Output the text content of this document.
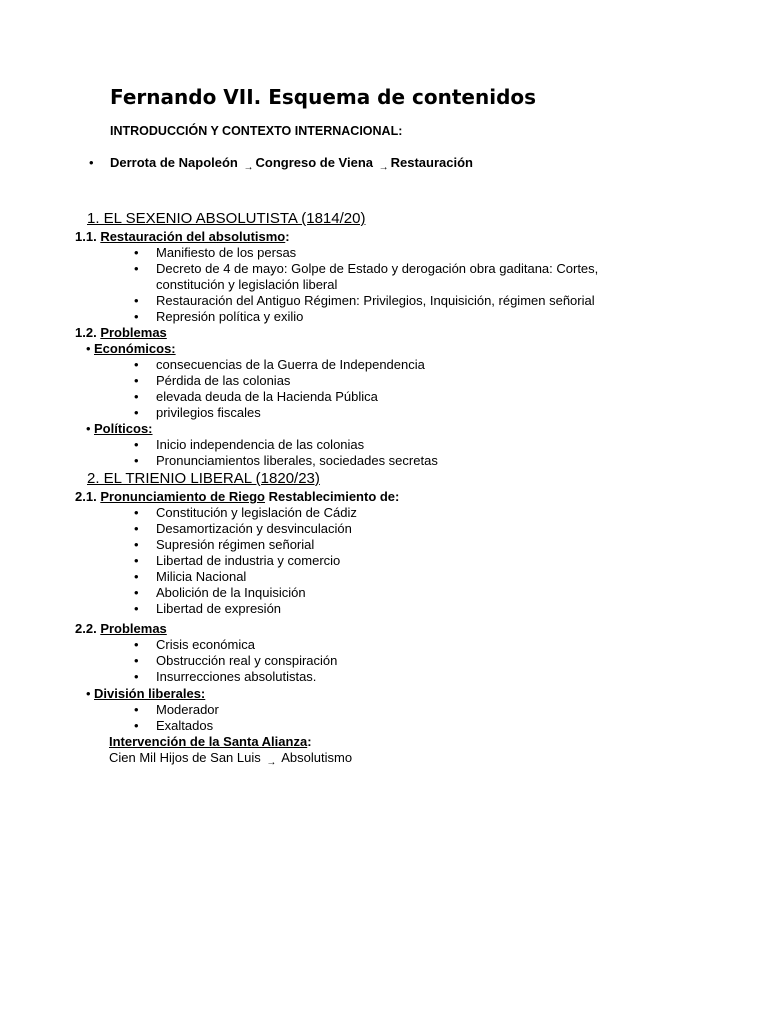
Fernando VII. Esquema de contenidos
INTRODUCCIÓN Y CONTEXTO INTERNACIONAL:
• Derrota de Napoleón → Congreso de Viena → Restauración
1. EL SEXENIO ABSOLUTISTA (1814/20)
1.1. Restauración del absolutismo:
• Manifiesto de los persas
• Decreto de 4 de mayo: Golpe de Estado y derogación obra gaditana: Cortes,
constitución y legislación liberal
• Restauración del Antiguo Régimen: Privilegios, Inquisición, régimen señorial
• Represión política y exilio
1.2. Problemas
• Económicos:
• consecuencias de la Guerra de Independencia
• Pérdida de las colonias
• elevada deuda de la Hacienda Pública
• privilegios fiscales
• Políticos:
• Inicio independencia de las colonias
• Pronunciamientos liberales, sociedades secretas
2. EL TRIENIO LIBERAL (1820/23)
2.1. Pronunciamiento de Riego Restablecimiento de:
• Constitución y legislación de Cádiz
• Desamortización y desvinculación
• Supresión régimen señorial
• Libertad de industria y comercio
• Milicia Nacional
• Abolición de la Inquisición
• Libertad de expresión
2.2. Problemas
• Crisis económica
• Obstrucción real y conspiración
• Insurrecciones absolutistas.
• División liberales:
• Moderador
• Exaltados
Intervención de la Santa Alianza:
Cien Mil Hijos de San Luis → Absolutismo
